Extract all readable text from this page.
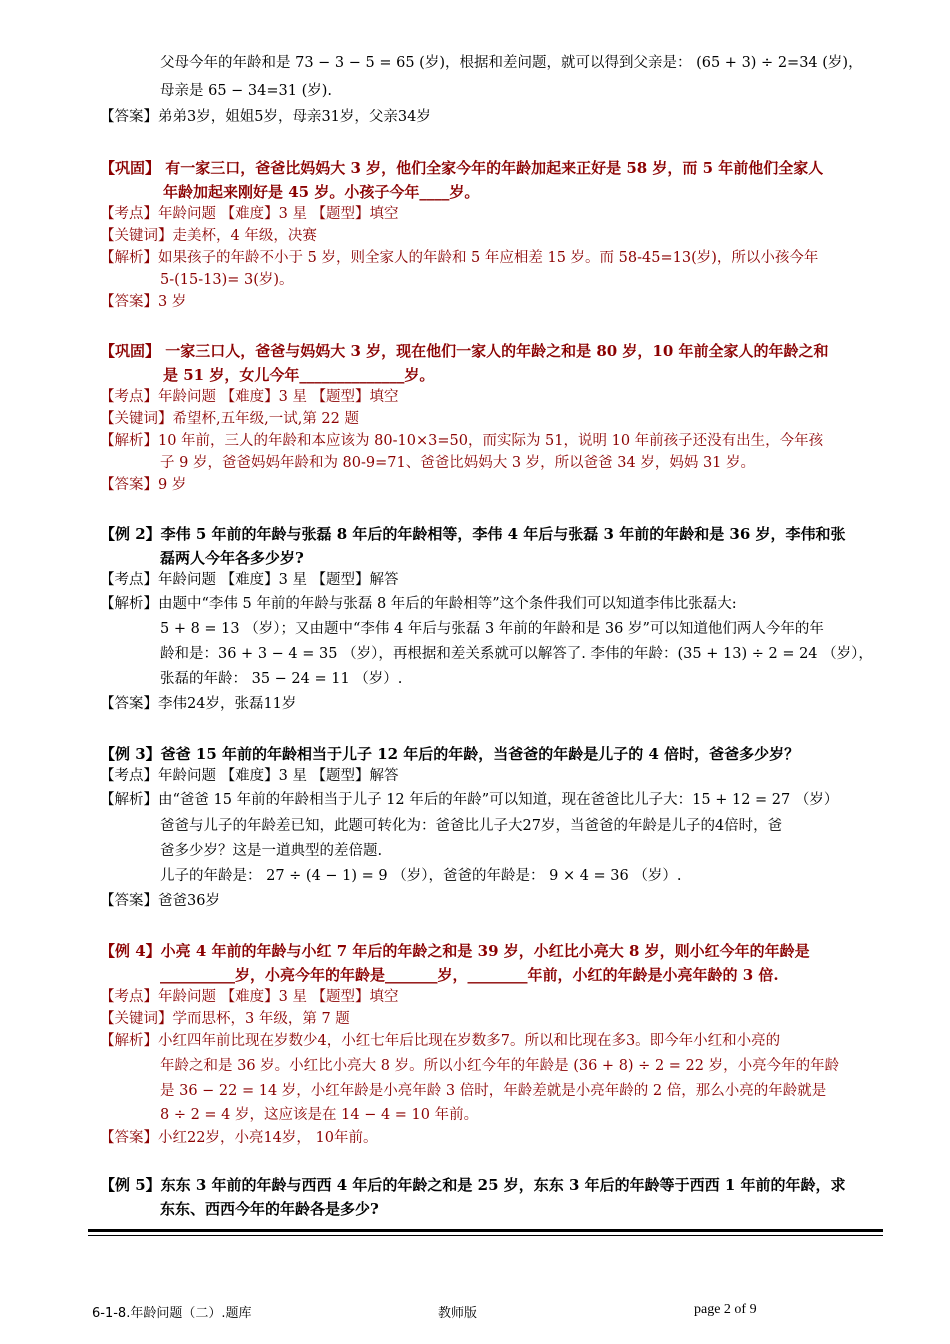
父母今年的年龄和是 73 − 3 − 5 = 65 (岁)，根据和差问题，就可以得到父亲是： (65 + 3) ÷ 2=34 (岁)，
母亲是 65 − 34=31 (岁).
【答案】弟弟3岁，姐姐5岁，母亲31岁，父亲34岁
【巩固】 有一家三口，爸爸比妈妈大 3 岁，他们全家今年的年龄加起来正好是 58 岁，而 5 年前他们全家人
年龄加起来刚好是 45 岁。小孩子今年____岁。
【考点】年龄问题 【难度】3 星 【题型】填空
【关键词】走美杯，4 年级，决赛
【解析】如果孩子的年龄不小于 5 岁，则全家人的年龄和 5 年应相差 15 岁。而 58-45=13(岁)，所以小孩今年
5-(15-13)= 3(岁)。
【答案】3 岁
【巩固】 一家三口人，爸爸与妈妈大 3 岁，现在他们一家人的年龄之和是 80 岁，10 年前全家人的年龄之和
是 51 岁，女儿今年______________岁。
【考点】年龄问题 【难度】3 星 【题型】填空
【关键词】希望杯,五年级,一试,第 22 题
【解析】10 年前，三人的年龄和本应该为 80-10×3=50，而实际为 51，说明 10 年前孩子还没有出生，今年孩
子 9 岁，爸爸妈妈年龄和为 80-9=71、爸爸比妈妈大 3 岁，所以爸爸 34 岁，妈妈 31 岁。
【答案】9 岁
【例 2】李伟 5 年前的年龄与张磊 8 年后的年龄相等，李伟 4 年后与张磊 3 年前的年龄和是 36 岁，李伟和张
磊两人今年各多少岁?
【考点】年龄问题 【难度】3 星 【题型】解答
【解析】由题中“李伟 5 年前的年龄与张磊 8 年后的年龄相等”这个条件我们可以知道李伟比张磊大:
5 + 8 = 13 （岁）；又由题中“李伟 4 年后与张磊 3 年前的年龄和是 36 岁”可以知道他们两人今年的年
龄和是：36 + 3 − 4 = 35 （岁），再根据和差关系就可以解答了. 李伟的年龄：(35 + 13) ÷ 2 = 24 （岁），
张磊的年龄： 35 − 24 = 11 （岁）.
【答案】李伟24岁，张磊11岁
【例 3】爸爸 15 年前的年龄相当于儿子 12 年后的年龄，当爸爸的年龄是儿子的 4 倍时，爸爸多少岁？
【考点】年龄问题 【难度】3 星 【题型】解答
【解析】由“爸爸 15 年前的年龄相当于儿子 12 年后的年龄”可以知道，现在爸爸比儿子大：15 + 12 = 27 （岁）
爸爸与儿子的年龄差已知，此题可转化为：爸爸比儿子大27岁，当爸爸的年龄是儿子的4倍时，爸
爸多少岁？这是一道典型的差倍题.
儿子的年龄是： 27 ÷ (4 − 1) = 9 （岁），爸爸的年龄是： 9 × 4 = 36 （岁）.
【答案】爸爸36岁
【例 4】小亮 4 年前的年龄与小红 7 年后的年龄之和是 39 岁，小红比小亮大 8 岁，则小红今年的年龄是
__________岁，小亮今年的年龄是_______岁，________年前，小红的年龄是小亮年龄的 3 倍.
【考点】年龄问题 【难度】3 星 【题型】填空
【关键词】学而思杯，3 年级，第 7 题
【解析】小红四年前比现在岁数少4，小红七年后比现在岁数多7。所以和比现在多3。即今年小红和小亮的
年龄之和是 36 岁。小红比小亮大 8 岁。所以小红今年的年龄是 (36 + 8) ÷ 2 = 22 岁，小亮今年的年龄
是 36 − 22 = 14 岁，小红年龄是小亮年龄 3 倍时，年龄差就是小亮年龄的 2 倍，那么小亮的年龄就是
8 ÷ 2 = 4 岁，这应该是在 14 − 4 = 10 年前。
【答案】小红22岁，小亮14岁， 10年前。
【例 5】东东 3 年前的年龄与西西 4 年后的年龄之和是 25 岁，东东 3 年后的年龄等于西西 1 年前的年龄，求
东东、西西今年的年龄各是多少?
6-1-8.年龄问题（二）.题库	教师版	page 2 of 9
